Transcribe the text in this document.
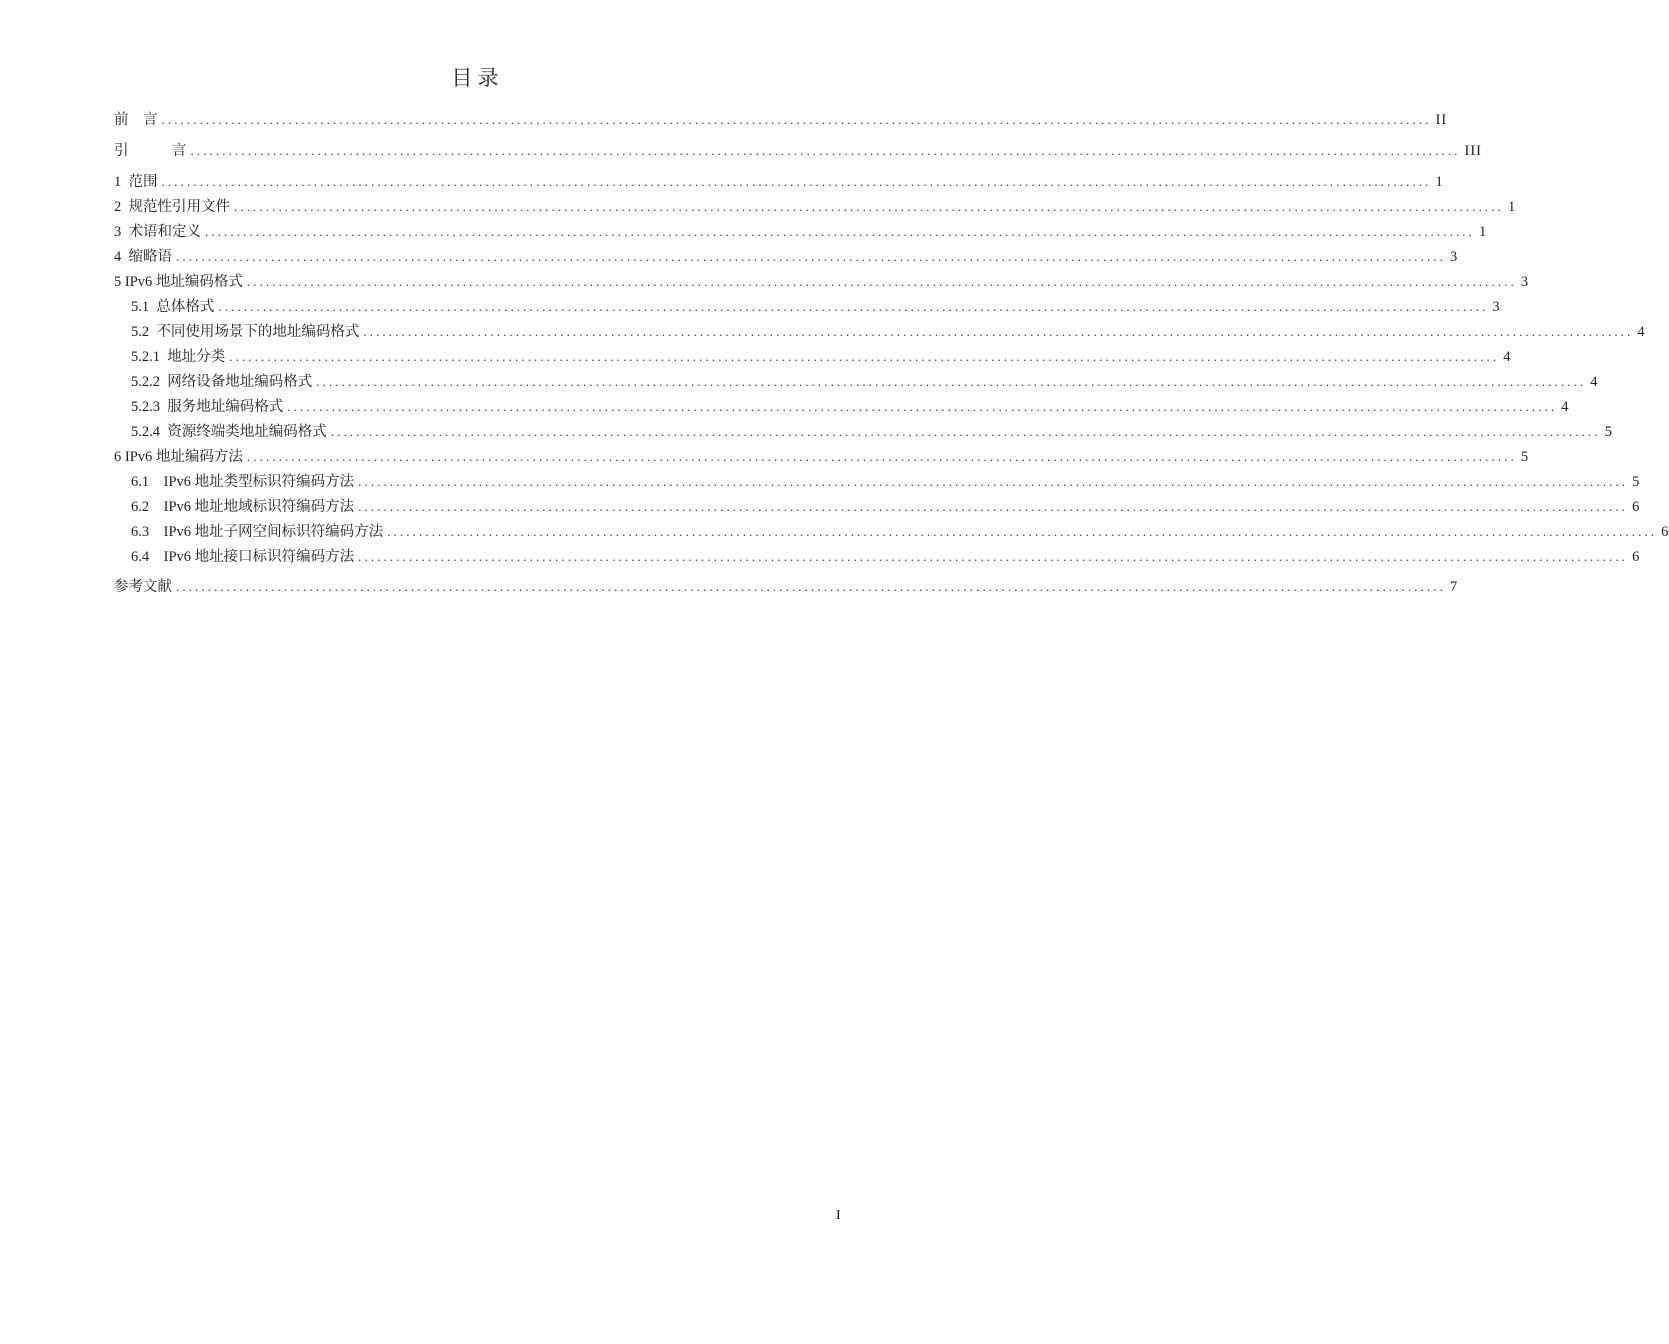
目 录
前    言 ........................................................................................................................................................................................................ II
引            言 ........................................................................................................................................................................................................ III
1  范围 ........................................................................................................................................................................................................ 1
2  规范性引用文件 ........................................................................................................................................................................................................ 1
3  术语和定义 ........................................................................................................................................................................................................ 1
4  缩略语 ........................................................................................................................................................................................................ 3
5 IPv6 地址编码格式 ........................................................................................................................................................................................................ 3
5.1  总体格式 ........................................................................................................................................................................................................ 3
5.2  不同使用场景下的地址编码格式 ........................................................................................................................................................................................................ 4
5.2.1  地址分类 ........................................................................................................................................................................................................ 4
5.2.2  网络设备地址编码格式 ........................................................................................................................................................................................................ 4
5.2.3  服务地址编码格式 ........................................................................................................................................................................................................ 4
5.2.4  资源终端类地址编码格式 ........................................................................................................................................................................................................ 5
6 IPv6 地址编码方法 ........................................................................................................................................................................................................ 5
6.1    IPv6 地址类型标识符编码方法 ........................................................................................................................................................................................................ 5
6.2    IPv6 地址地域标识符编码方法 ........................................................................................................................................................................................................ 6
6.3    IPv6 地址子网空间标识符编码方法 ........................................................................................................................................................................................................ 6
6.4    IPv6 地址接口标识符编码方法 ........................................................................................................................................................................................................ 6
参考文献 ........................................................................................................................................................................................................ 7
I
